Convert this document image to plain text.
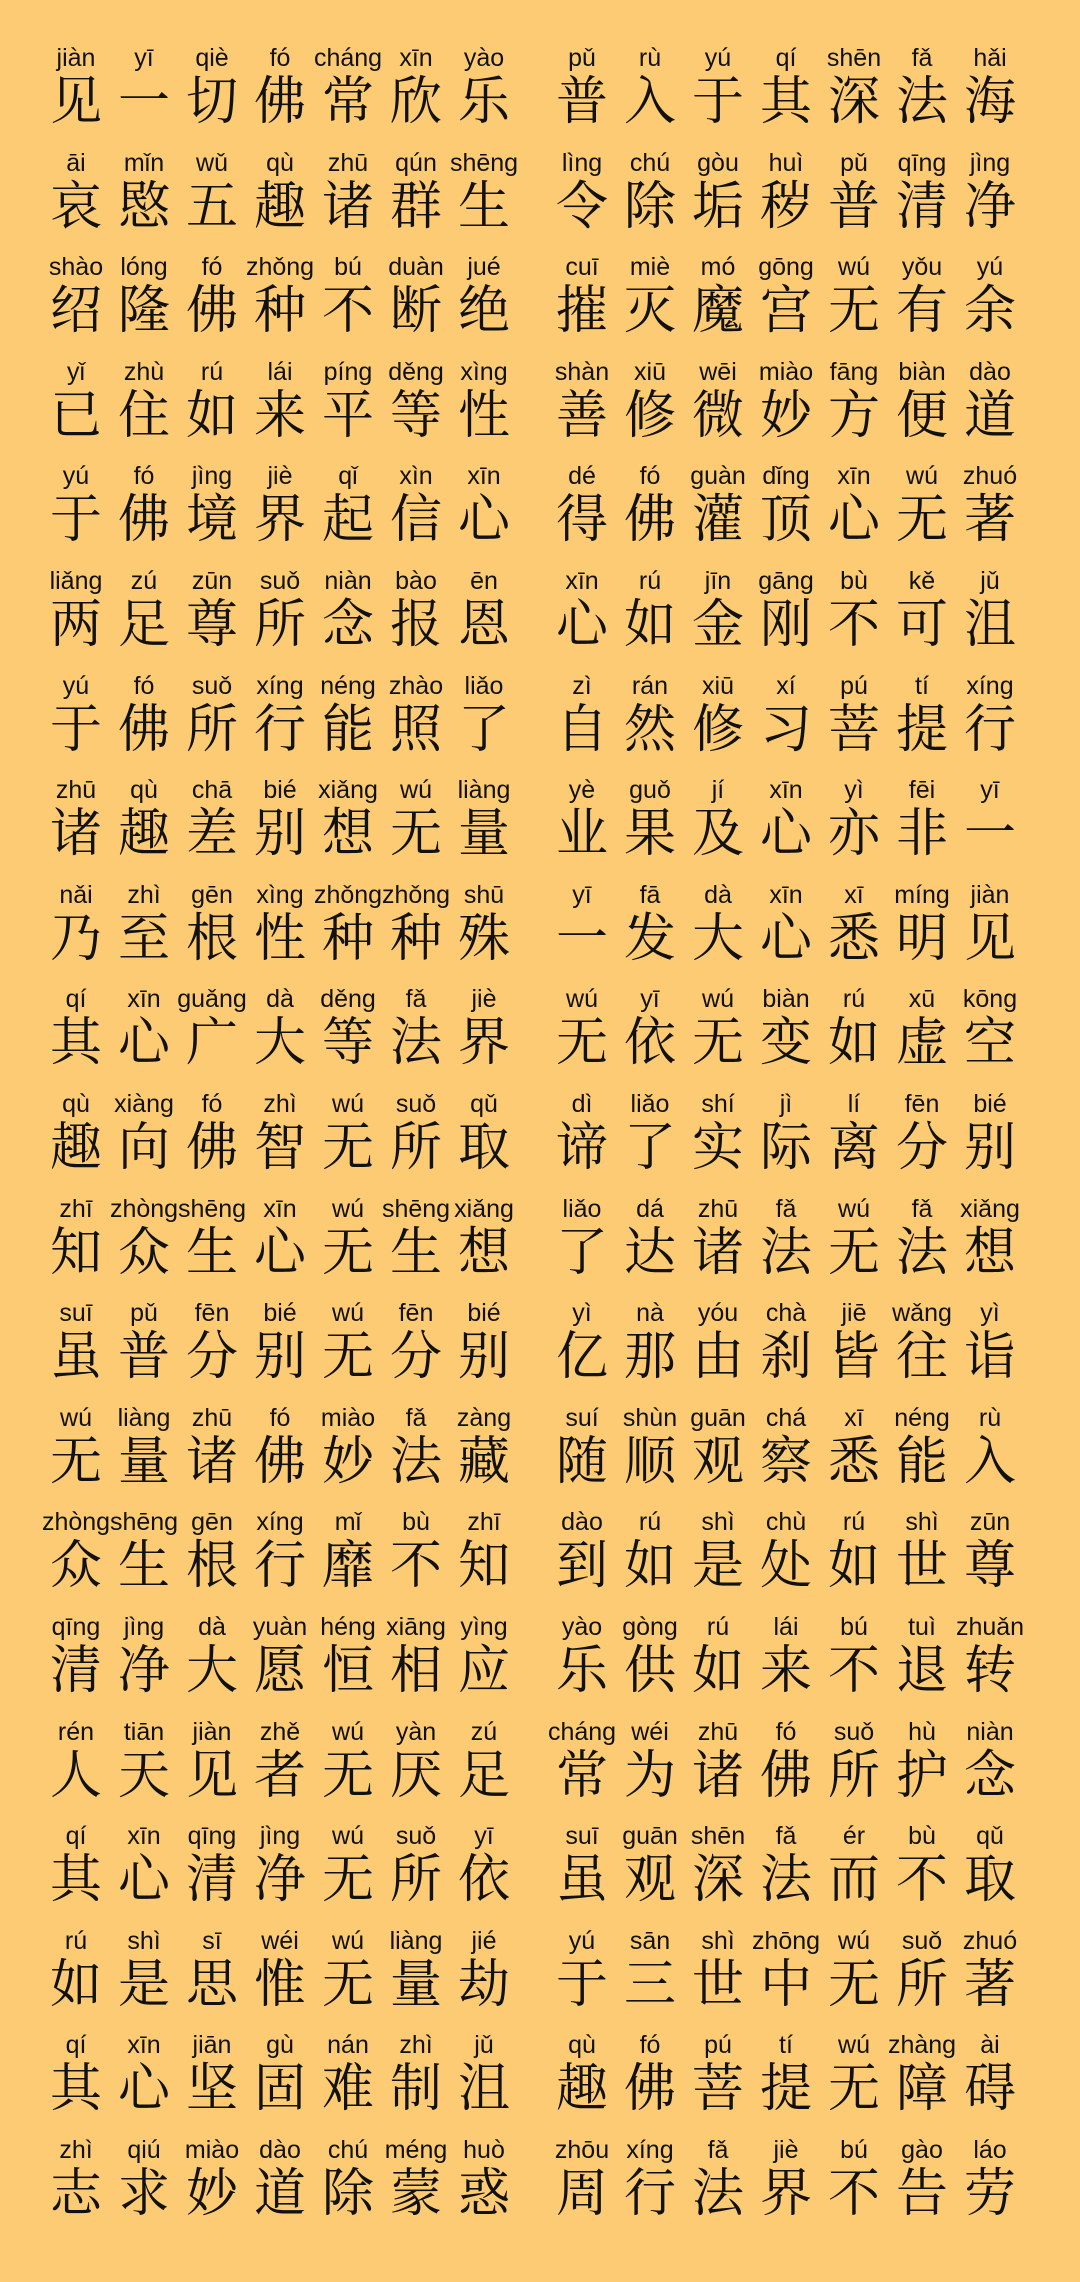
jiàn
见
yī
一
qiè
切
fó
佛
cháng
常
xīn
欣
yào
乐
pǔ
普
rù
入
yú
于
qí
其
shēn
深
fǎ
法
hǎi
海
āi
哀
mǐn
愍
wǔ
五
qù
趣
zhū
诸
qún
群
shēng
生
lìng
令
chú
除
gòu
垢
huì
秽
pǔ
普
qīng
清
jìng
净
shào
绍
lóng
隆
fó
佛
zhǒng
种
bú
不
duàn
断
jué
绝
cuī
摧
miè
灭
mó
魔
gōng
宫
wú
无
yǒu
有
yú
余
yǐ
已
zhù
住
rú
如
lái
来
píng
平
děng
等
xìng
性
shàn
善
xiū
修
wēi
微
miào
妙
fāng
方
biàn
便
dào
道
yú
于
fó
佛
jìng
境
jiè
界
qǐ
起
xìn
信
xīn
心
dé
得
fó
佛
guàn
灌
dǐng
顶
xīn
心
wú
无
zhuó
著
liǎng
两
zú
足
zūn
尊
suǒ
所
niàn
念
bào
报
ēn
恩
xīn
心
rú
如
jīn
金
gāng
刚
bù
不
kě
可
jǔ
沮
yú
于
fó
佛
suǒ
所
xíng
行
néng
能
zhào
照
liǎo
了
zì
自
rán
然
xiū
修
xí
习
pú
菩
tí
提
xíng
行
zhū
诸
qù
趣
chā
差
bié
别
xiǎng
想
wú
无
liàng
量
yè
业
guǒ
果
jí
及
xīn
心
yì
亦
fēi
非
yī
一
nǎi
乃
zhì
至
gēn
根
xìng
性
zhǒng
种
zhǒng
种
shū
殊
yī
一
fā
发
dà
大
xīn
心
xī
悉
míng
明
jiàn
见
qí
其
xīn
心
guǎng
广
dà
大
děng
等
fǎ
法
jiè
界
wú
无
yī
依
wú
无
biàn
变
rú
如
xū
虚
kōng
空
qù
趣
xiàng
向
fó
佛
zhì
智
wú
无
suǒ
所
qǔ
取
dì
谛
liǎo
了
shí
实
jì
际
lí
离
fēn
分
bié
别
zhī
知
zhòng
众
shēng
生
xīn
心
wú
无
shēng
生
xiǎng
想
liǎo
了
dá
达
zhū
诸
fǎ
法
wú
无
fǎ
法
xiǎng
想
suī
虽
pǔ
普
fēn
分
bié
别
wú
无
fēn
分
bié
别
yì
亿
nà
那
yóu
由
chà
刹
jiē
皆
wǎng
往
yì
诣
wú
无
liàng
量
zhū
诸
fó
佛
miào
妙
fǎ
法
zàng
藏
suí
随
shùn
顺
guān
观
chá
察
xī
悉
néng
能
rù
入
zhòng
众
shēng
生
gēn
根
xíng
行
mǐ
靡
bù
不
zhī
知
dào
到
rú
如
shì
是
chù
处
rú
如
shì
世
zūn
尊
qīng
清
jìng
净
dà
大
yuàn
愿
héng
恒
xiāng
相
yìng
应
yào
乐
gòng
供
rú
如
lái
来
bú
不
tuì
退
zhuǎn
转
rén
人
tiān
天
jiàn
见
zhě
者
wú
无
yàn
厌
zú
足
cháng
常
wéi
为
zhū
诸
fó
佛
suǒ
所
hù
护
niàn
念
qí
其
xīn
心
qīng
清
jìng
净
wú
无
suǒ
所
yī
依
suī
虽
guān
观
shēn
深
fǎ
法
ér
而
bù
不
qǔ
取
rú
如
shì
是
sī
思
wéi
惟
wú
无
liàng
量
jié
劫
yú
于
sān
三
shì
世
zhōng
中
wú
无
suǒ
所
zhuó
著
qí
其
xīn
心
jiān
坚
gù
固
nán
难
zhì
制
jǔ
沮
qù
趣
fó
佛
pú
菩
tí
提
wú
无
zhàng
障
ài
碍
zhì
志
qiú
求
miào
妙
dào
道
chú
除
méng
蒙
huò
惑
zhōu
周
xíng
行
fǎ
法
jiè
界
bú
不
gào
告
láo
劳
